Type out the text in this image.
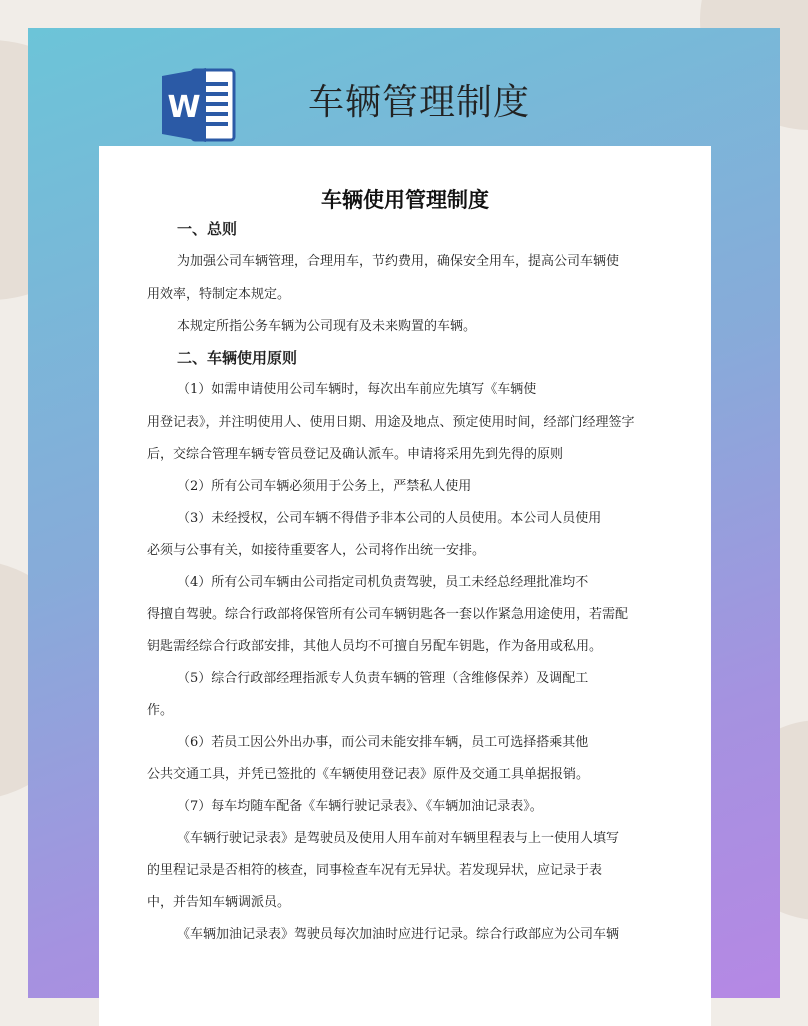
W	车辆管理制度
车辆使用管理制度
一、总则
为加强公司车辆管理，合理用车，节约费用，确保安全用车，提高公司车辆使
用效率，特制定本规定。
本规定所指公务车辆为公司现有及未来购置的车辆。
二、车辆使用原则
（1）如需申请使用公司车辆时，每次出车前应先填写《车辆使
用登记表》，并注明使用人、使用日期、用途及地点、预定使用时间，经部门经理签字
后，交综合管理车辆专管员登记及确认派车。申请将采用先到先得的原则
（2）所有公司车辆必须用于公务上，严禁私人使用
（3）未经授权，公司车辆不得借予非本公司的人员使用。本公司人员使用
必须与公事有关，如接待重要客人，公司将作出统一安排。
（4）所有公司车辆由公司指定司机负责驾驶，员工未经总经理批准均不
得擅自驾驶。综合行政部将保管所有公司车辆钥匙各一套以作紧急用途使用，若需配
钥匙需经综合行政部安排，其他人员均不可擅自另配车钥匙，作为备用或私用。
（5）综合行政部经理指派专人负责车辆的管理（含维修保养）及调配工
作。
（6）若员工因公外出办事，而公司未能安排车辆，员工可选择搭乘其他
公共交通工具，并凭已签批的《车辆使用登记表》原件及交通工具单据报销。
（7）每车均随车配备《车辆行驶记录表》、《车辆加油记录表》。
《车辆行驶记录表》是驾驶员及使用人用车前对车辆里程表与上一使用人填写
的里程记录是否相符的核查，同事检查车况有无异状。若发现异状，应记录于表
中，并告知车辆调派员。
《车辆加油记录表》驾驶员每次加油时应进行记录。综合行政部应为公司车辆
